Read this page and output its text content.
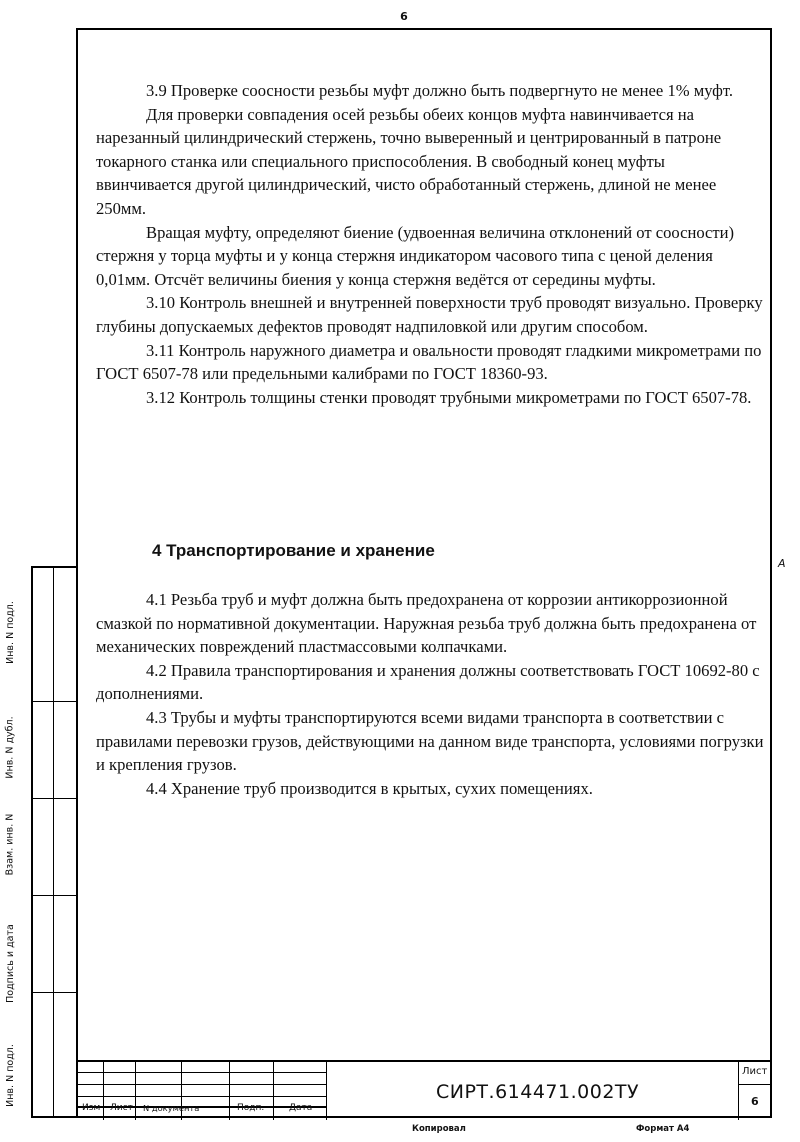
6
Инв. N подл.
Инв. N дубл.
Взам. инв. N
Подпись и дата
Инв. N подл.

3.9 Проверке соосности резьбы муфт должно быть подвергнуто не менее 1% муфт.

Для проверки совпадения осей резьбы обеих концов муфта навинчивается на нарезанный цилиндрический стержень, точно выверенный и центрированный в патроне токарного станка или специального приспособления. В свободный конец муфты ввинчивается другой цилиндрический, чисто обработанный стержень, длиной не менее 250мм.

Вращая муфту, определяют биение (удвоенная величина отклонений от соосности) стержня у торца муфты и у конца стержня индикатором часового типа с ценой деления 0,01мм. Отсчёт величины биения у конца стержня ведётся от середины муфты.

3.10 Контроль внешней и внутренней поверхности труб проводят визуально. Проверку глубины допускаемых дефектов проводят надпиловкой или другим способом.

3.11 Контроль наружного диаметра и овальности проводят гладкими микрометрами по ГОСТ 6507-78 или предельными калибрами по ГОСТ 18360-93.

3.12 Контроль толщины стенки проводят трубными микрометрами по ГОСТ 6507-78.

4 Транспортирование и хранение
A

4.1 Резьба труб и муфт должна быть предохранена от коррозии антикоррозионной смазкой по нормативной документации. Наружная резьба труб должна быть предохранена от механических повреждений пластмассовыми колпачками.

4.2 Правила транспортирования и хранения должны соответствовать ГОСТ 10692-80 с дополнениями.

4.3 Трубы и муфты транспортируются всеми видами транспорта в соответствии с правилами перевозки грузов, действующими на данном виде транспорта, условиями погрузки и крепления грузов.

4.4 Хранение труб производится в крытых, сухих помещениях.

Изм Лист N документа	Подп.	Дата
СИРТ.614471.002ТУ
Лист
6
Копировал	Формат А4
